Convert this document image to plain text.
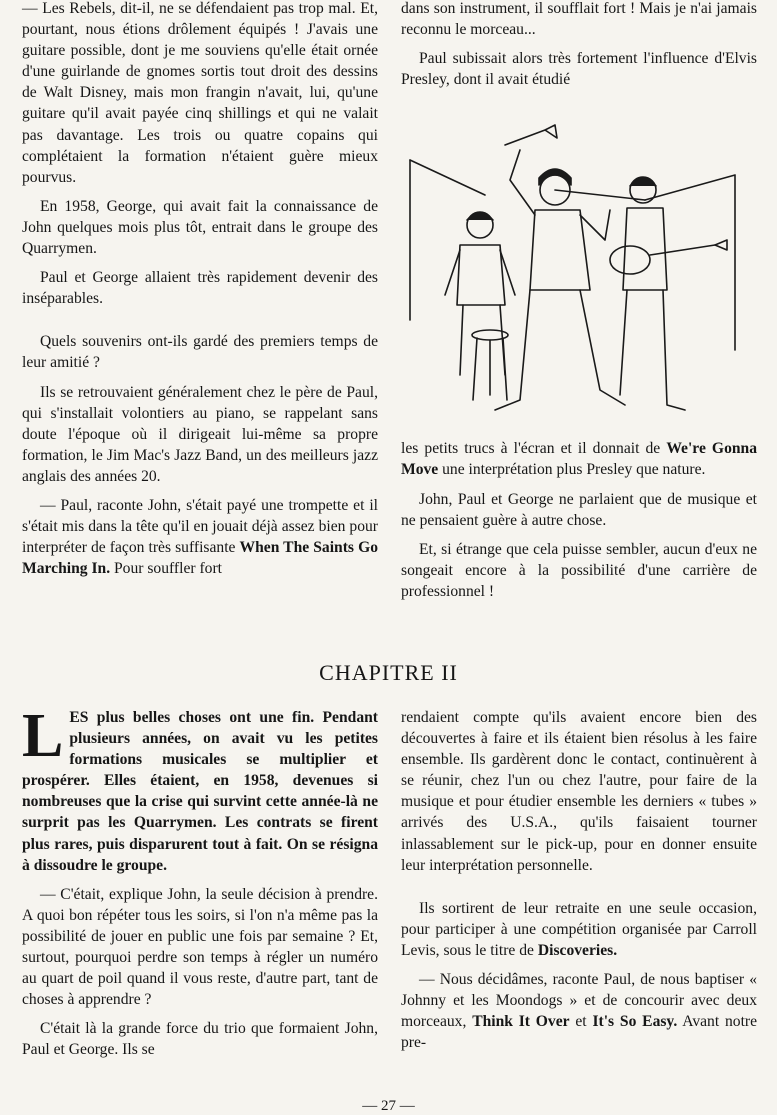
— Les Rebels, dit-il, ne se défendaient pas trop mal. Et, pourtant, nous étions drôlement équipés ! J'avais une guitare possible, dont je me souviens qu'elle était ornée d'une guirlande de gnomes sortis tout droit des dessins de Walt Disney, mais mon frangin n'avait, lui, qu'une guitare qu'il avait payée cinq shillings et qui ne valait pas davantage. Les trois ou quatre copains qui complétaient la formation n'étaient guère mieux pourvus.

En 1958, George, qui avait fait la connaissance de John quelques mois plus tôt, entrait dans le groupe des Quarrymen.

Paul et George allaient très rapidement devenir des inséparables.

Quels souvenirs ont-ils gardé des premiers temps de leur amitié ?

Ils se retrouvaient généralement chez le père de Paul, qui s'installait volontiers au piano, se rappelant sans doute l'époque où il dirigeait lui-même sa propre formation, le Jim Mac's Jazz Band, un des meilleurs jazz anglais des années 20.

— Paul, raconte John, s'était payé une trompette et il s'était mis dans la tête qu'il en jouait déjà assez bien pour interpréter de façon très suffisante When The Saints Go Marching In. Pour souffler fort

dans son instrument, il soufflait fort ! Mais je n'ai jamais reconnu le morceau...

Paul subissait alors très fortement l'influence d'Elvis Presley, dont il avait étudié

les petits trucs à l'écran et il donnait de We're Gonna Move une interprétation plus Presley que nature.

John, Paul et George ne parlaient que de musique et ne pensaient guère à autre chose.

Et, si étrange que cela puisse sembler, aucun d'eux ne songeait encore à la possibilité d'une carrière de professionnel !

CHAPITRE II

LES plus belles choses ont une fin. Pendant plusieurs années, on avait vu les petites formations musicales se multiplier et prospérer. Elles étaient, en 1958, devenues si nombreuses que la crise qui survint cette année-là ne surprit pas les Quarrymen. Les contrats se firent plus rares, puis disparurent tout à fait. On se résigna à dissoudre le groupe.

— C'était, explique John, la seule décision à prendre. A quoi bon répéter tous les soirs, si l'on n'a même pas la possibilité de jouer en public une fois par semaine ? Et, surtout, pourquoi perdre son temps à régler un numéro au quart de poil quand il vous reste, d'autre part, tant de choses à apprendre ?

C'était là la grande force du trio que formaient John, Paul et George. Ils se

rendaient compte qu'ils avaient encore bien des découvertes à faire et ils étaient bien résolus à les faire ensemble. Ils gardèrent donc le contact, continuèrent à se réunir, chez l'un ou chez l'autre, pour faire de la musique et pour étudier ensemble les derniers « tubes » arrivés des U.S.A., qu'ils faisaient tourner inlassablement sur le pick-up, pour en donner ensuite leur interprétation personnelle.

Ils sortirent de leur retraite en une seule occasion, pour participer à une compétition organisée par Carroll Levis, sous le titre de Discoveries.

— Nous décidâmes, raconte Paul, de nous baptiser « Johnny et les Moondogs » et de concourir avec deux morceaux, Think It Over et It's So Easy. Avant notre pre-

— 27 —
